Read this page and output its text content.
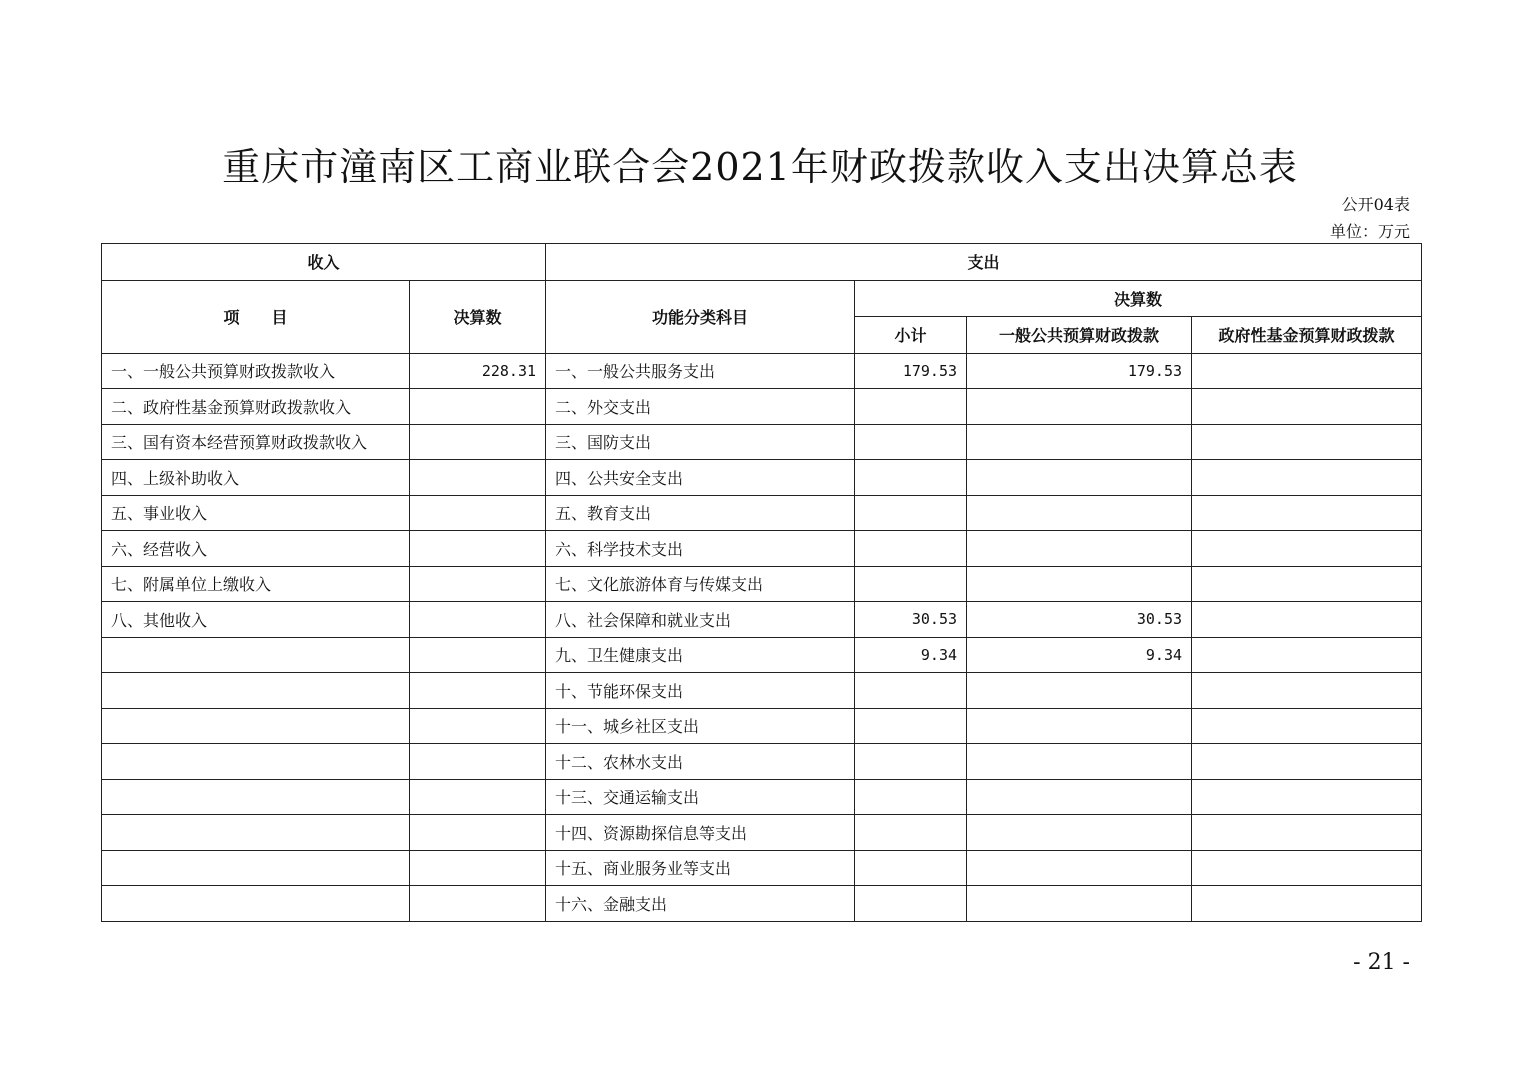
重庆市潼南区工商业联合会2021年财政拨款收入支出决算总表
公开04表
单位：万元
收入		支出			
项　　目	决算数	功能分类科目	决算数		
			小计	一般公共预算财政拨款	政府性基金预算财政拨款
一、一般公共预算财政拨款收入	228.31	一、一般公共服务支出	179.53	179.53	
二、政府性基金预算财政拨款收入		二、外交支出			
三、国有资本经营预算财政拨款收入		三、国防支出			
四、上级补助收入		四、公共安全支出			
五、事业收入		五、教育支出			
六、经营收入		六、科学技术支出			
七、附属单位上缴收入		七、文化旅游体育与传媒支出			
八、其他收入		八、社会保障和就业支出	30.53	30.53	
		九、卫生健康支出	9.34	9.34	
		十、节能环保支出			
		十一、城乡社区支出			
		十二、农林水支出			
		十三、交通运输支出			
		十四、资源勘探信息等支出			
		十五、商业服务业等支出			
		十六、金融支出			
- 21 -
